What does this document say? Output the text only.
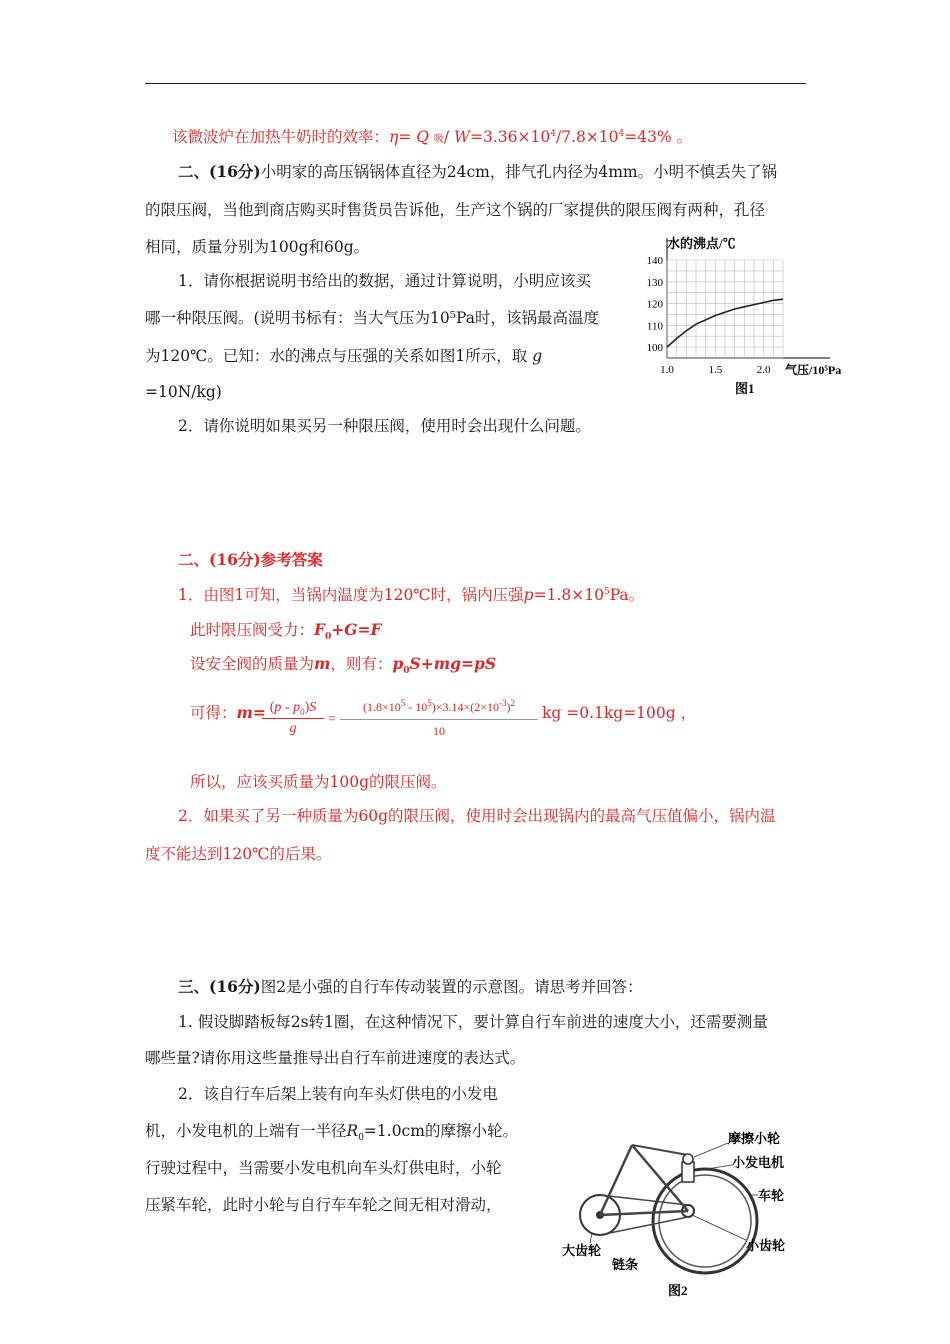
该微波炉在加热牛奶时的效率：η= Q 吸/ $W=3.36\times 10^4/7.8\times 10^4=43\%$ 。
二、(16分)小明家的高压锅锅体直径为24cm，排气孔内径为4mm。小明不慎丢失了锅
的限压阀，当他到商店购买时售货员告诉他，生产这个锅的厂家提供的限压阀有两种，孔径
相同，质量分别为100g和60g。
1．请你根据说明书给出的数据，通过计算说明，小明应该买
哪一种限压阀。(说明书标有：当大气压为10⁵Pa时，该锅最高温度
为120℃。已知：水的沸点与压强的关系如图1所示，取 g
=10N/kg)
2．请你说明如果买另一种限压阀，使用时会出现什么问题。
水的沸点/℃
140
130
120
110
100
1.0	1.5	2.0 气压/10⁵Pa
图1
二、(16分)参考答案
1．由图1可知，当锅内温度为120℃时，锅内压强$p=1.8\times 10^5Pa$。
此时限压阀受力：$F_0+G=F$
设安全阀的质量为m，则有：$p_0S+mg=pS$
可得：$m= (p - p_0)S$
g
=
$(1.8\times 10^5 - 10^5)\times 3.14\times(2\times 10^{-3})^2$
10
kg =0.1kg=100g ，
所以，应该买质量为100g的限压阀。
2．如果买了另一种质量为60g的限压阀，使用时会出现锅内的最高气压值偏小，锅内温
度不能达到120℃的后果。
三、(16分)图2是小强的自行车传动装置的示意图。请思考并回答：
1. 假设脚踏板每2s转1圈，在这种情况下，要计算自行车前进的速度大小，还需要测量
哪些量?请你用这些量推导出自行车前进速度的表达式。
2．该自行车后架上装有向车头灯供电的小发电
机，小发电机的上端有一半径$R_0=1.0cm$的摩擦小轮。
行驶过程中，当需要小发电机向车头灯供电时，小轮
压紧车轮，此时小轮与自行车车轮之间无相对滑动，
摩擦小轮
小发电机
车轮
大齿轮
链条
小齿轮
图2
